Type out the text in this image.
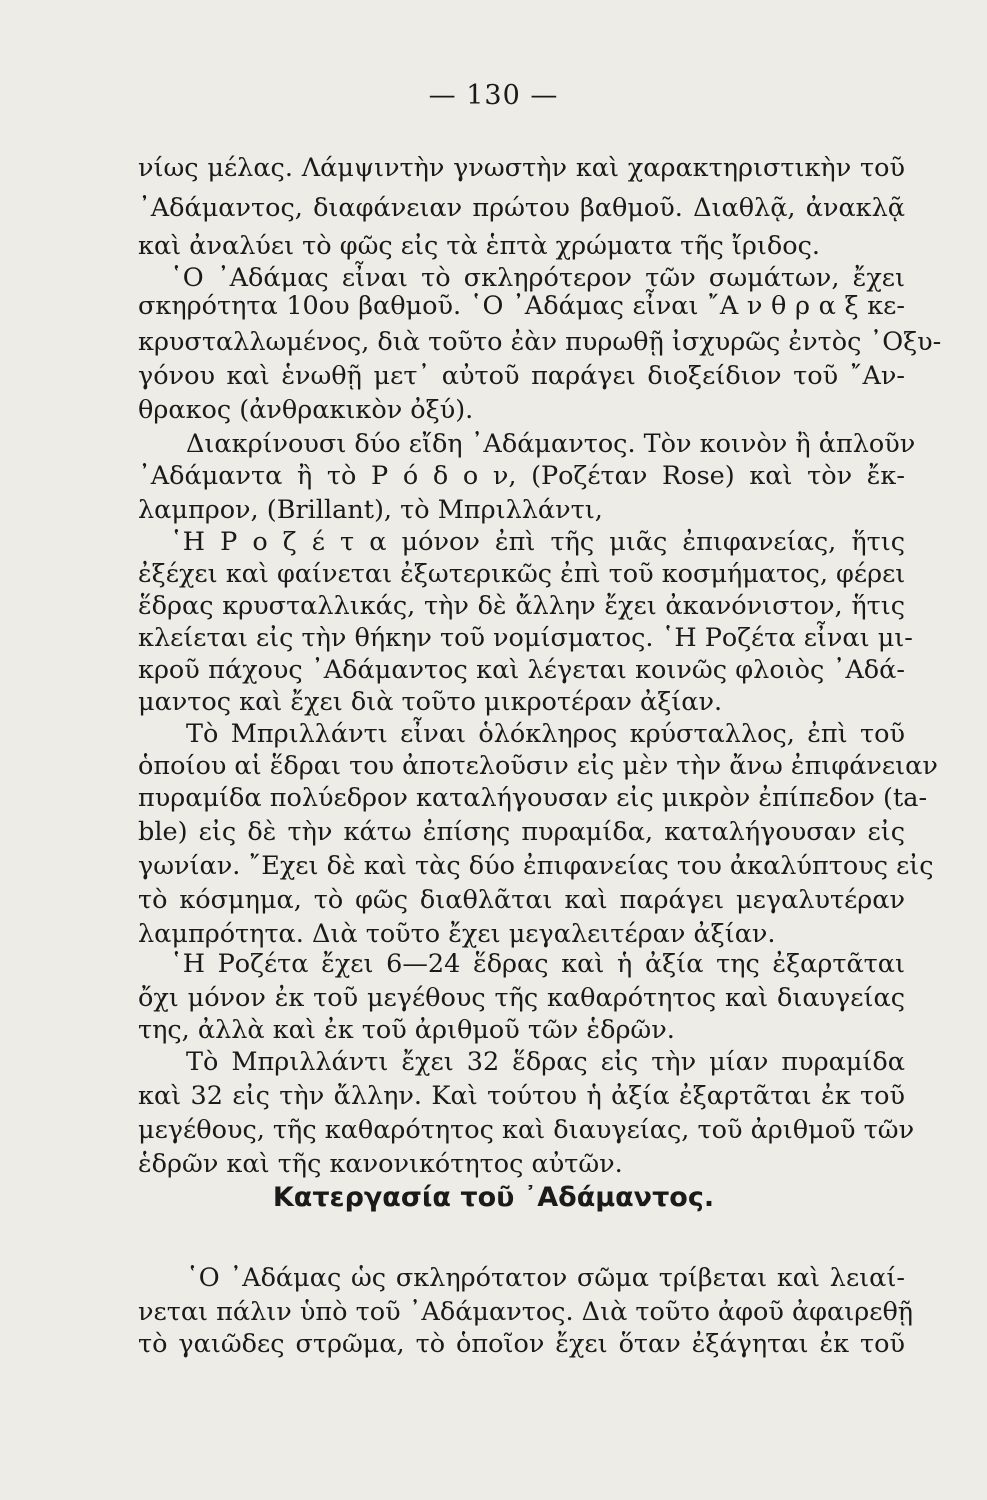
— 130 —
νίως μέλας. Λάμψιντὴν γνωστὴν καὶ χαρακτηριστικὴν τοῦ
᾿Αδάμαντος, διαφάνειαν πρώτου βαθμοῦ. Διαθλᾷ, ἀνακλᾷ
καὶ ἀναλύει τὸ φῶς εἰς τὰ ἑπτὰ χρώματα τῆς ἴριδος.
῾Ο ᾿Αδάμας εἶναι τὸ σκληρότερον τῶν σωμάτων, ἔχει
σκηρότητα 10ου βαθμοῦ. ῾Ο ᾿Αδάμας εἶναι ῎Α ν θ ρ α ξ κε-
κρυσταλλωμένος, διὰ τοῦτο ἐὰν πυρωθῇ ἰσχυρῶς ἐντὸς ᾿Οξυ-
γόνου καὶ ἑνωθῇ μετ᾿ αὐτοῦ παράγει διοξείδιον τοῦ ῎Αν-
θρακος (ἀνθρακικὸν ὀξύ).
Διακρίνουσι δύο εἴδη ᾿Αδάμαντος. Τὸν κοινὸν ἢ ἁπλοῦν
᾿Αδάμαντα ἢ τὸ Ρ ό δ ο ν, (Ροζέταν Rose) καὶ τὸν ἔκ-
λαμπρον, (Brillant), τὸ Μπριλλάντι,
῾Η Ρ ο ζ έ τ α μόνον ἐπὶ τῆς μιᾶς ἐπιφανείας, ἥτις
ἐξέχει καὶ φαίνεται ἐξωτερικῶς ἐπὶ τοῦ κοσμήματος, φέρει
ἕδρας κρυσταλλικάς, τὴν δὲ ἄλλην ἔχει ἀκανόνιστον, ἥτις
κλείεται εἰς τὴν θήκην τοῦ νομίσματος. ῾Η Ροζέτα εἶναι μι-
κροῦ πάχους ᾿Αδάμαντος καὶ λέγεται κοινῶς φλοιὸς ᾿Αδά-
μαντος καὶ ἔχει διὰ τοῦτο μικροτέραν ἀξίαν.
Τὸ Μπριλλάντι εἶναι ὁλόκληρος κρύσταλλος, ἐπὶ τοῦ
ὁποίου αἱ ἕδραι του ἀποτελοῦσιν εἰς μὲν τὴν ἄνω ἐπιφάνειαν
πυραμίδα πολύεδρον καταλήγουσαν εἰς μικρὸν ἐπίπεδον (ta-
ble) εἰς δὲ τὴν κάτω ἐπίσης πυραμίδα, καταλήγουσαν εἰς
γωνίαν. ῎Εχει δὲ καὶ τὰς δύο ἐπιφανείας του ἀκαλύπτους εἰς
τὸ κόσμημα, τὸ φῶς διαθλᾶται καὶ παράγει μεγαλυτέραν
λαμπρότητα. Διὰ τοῦτο ἔχει μεγαλειτέραν ἀξίαν.
῾Η Ροζέτα ἔχει 6—24 ἕδρας καὶ ἡ ἀξία της ἐξαρτᾶται
ὄχι μόνον ἐκ τοῦ μεγέθους τῆς καθαρότητος καὶ διαυγείας
της, ἀλλὰ καὶ ἐκ τοῦ ἀριθμοῦ τῶν ἑδρῶν.
Τὸ Μπριλλάντι ἔχει 32 ἕδρας εἰς τὴν μίαν πυραμίδα
καὶ 32 εἰς τὴν ἄλλην. Καὶ τούτου ἡ ἀξία ἐξαρτᾶται ἐκ τοῦ
μεγέθους, τῆς καθαρότητος καὶ διαυγείας, τοῦ ἀριθμοῦ τῶν
ἑδρῶν καὶ τῆς κανονικότητος αὐτῶν.
Κατεργασία τοῦ ᾿Αδάμαντος.
῾Ο ᾿Αδάμας ὡς σκληρότατον σῶμα τρίβεται καὶ λειαί-
νεται πάλιν ὑπὸ τοῦ ᾿Αδάμαντος. Διὰ τοῦτο ἀφοῦ ἀφαιρεθῇ
τὸ γαιῶδες στρῶμα, τὸ ὁποῖον ἔχει ὅταν ἐξάγηται ἐκ τοῦ
